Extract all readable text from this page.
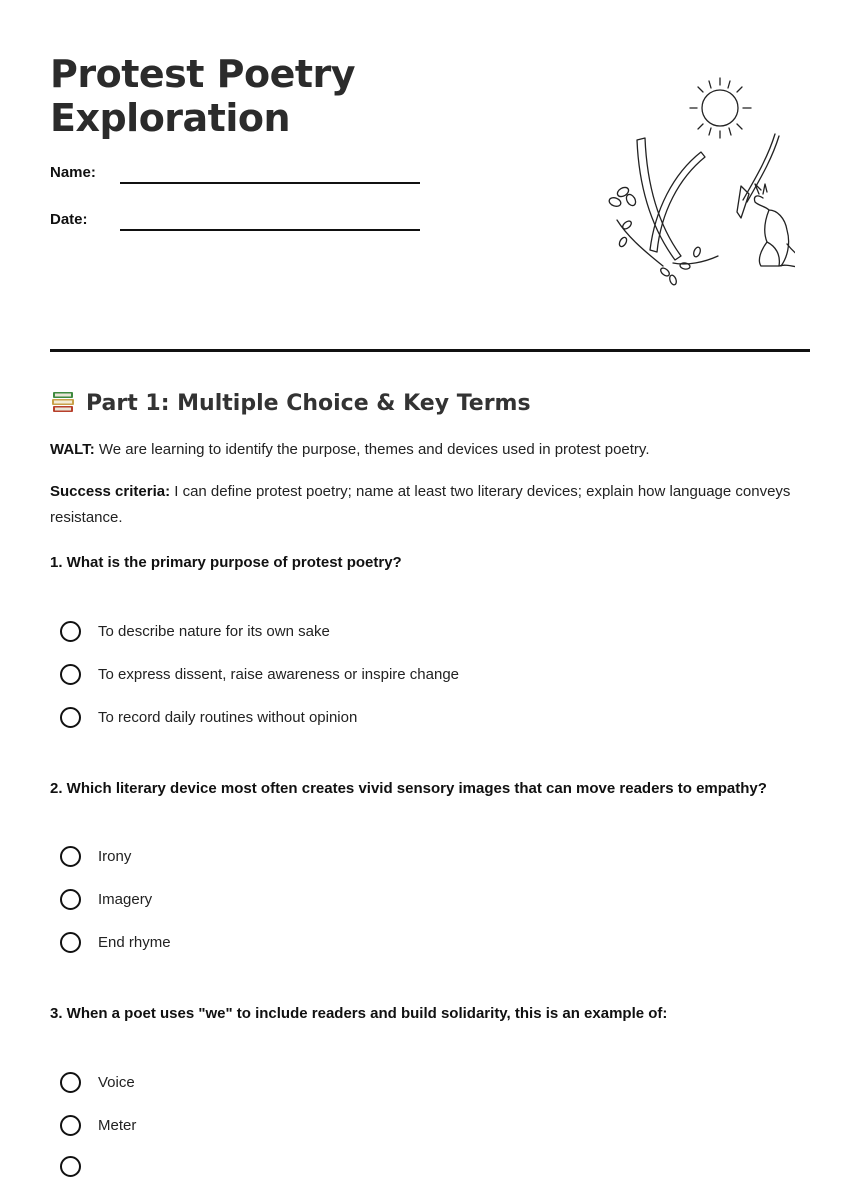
Protest Poetry
Exploration
Name:
Date:
Part 1: Multiple Choice & Key Terms

WALT: We are learning to identify the purpose, themes and devices used in protest poetry.

Success criteria: I can define protest poetry; name at least two literary devices; explain how language conveys resistance.

1. What is the primary purpose of protest poetry?

To describe nature for its own sake
To express dissent, raise awareness or inspire change
To record daily routines without opinion

2. Which literary device most often creates vivid sensory images that can move readers to empathy?

Irony
Imagery
End rhyme

3. When a poet uses "we" to include readers and build solidarity, this is an example of:

Voice
Meter
